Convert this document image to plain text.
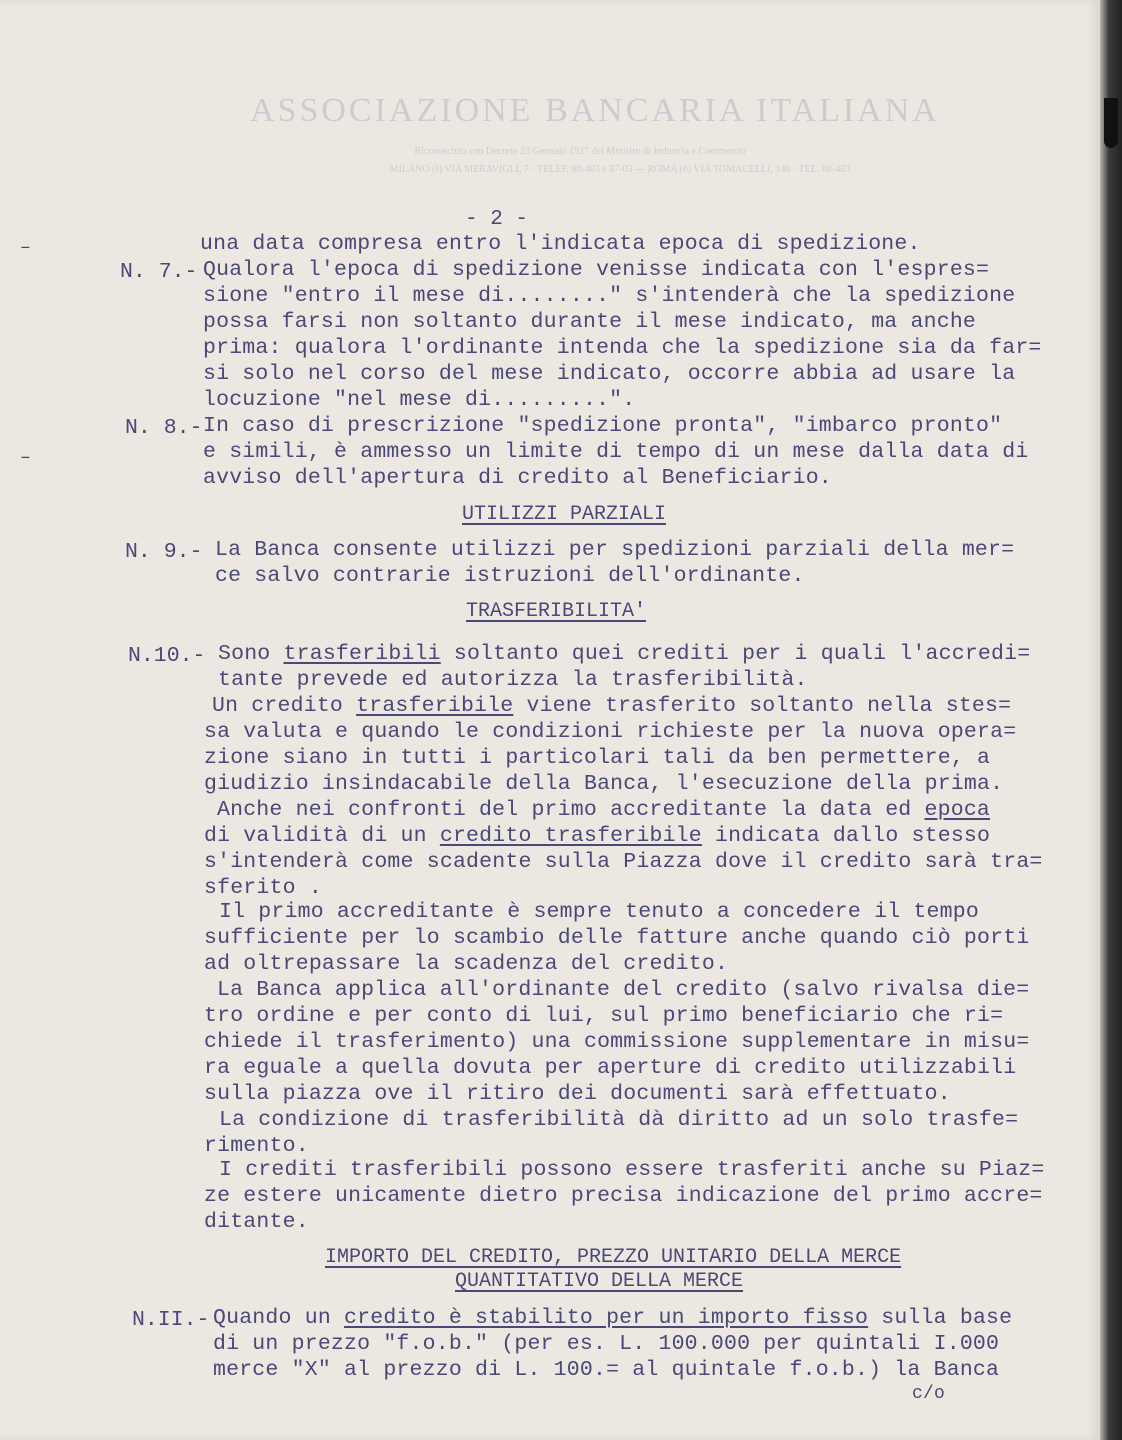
ASSOCIAZIONE BANCARIA ITALIANA
Riconosciuta con Decreto 23 Gennaio 1927 del Ministro di Industria e Commercio
MILANO (I) VIA MERAVIGLI, 7 - TELEF. 80-483 e 87-03 — ROMA (6) VIA TOMACELLI, 146 - TEL. 68-483
–
–
- 2 -
una data compresa entro l'indicata epoca di spedizione.
N. 7.- Qualora l'epoca di spedizione venisse indicata con l'espres=
sione "entro il mese di........" s'intenderà che la spedizione
possa farsi non soltanto durante il mese indicato, ma anche
prima: qualora l'ordinante intenda che la spedizione sia da far=
si solo nel corso del mese indicato, occorre abbia ad usare la
locuzione "nel mese di.........".
N. 8.- In caso di prescrizione "spedizione pronta", "imbarco pronto"
e simili, è ammesso un limite di tempo di un mese dalla data di
avviso dell'apertura di credito al Beneficiario.
UTILIZZI PARZIALI
N. 9.- La Banca consente utilizzi per spedizioni parziali della mer=
ce salvo contrarie istruzioni dell'ordinante.
TRASFERIBILITA'
N.10.- Sono trasferibili soltanto quei crediti per i quali l'accredi=
tante prevede ed autorizza la trasferibilità.
Un credito trasferibile viene trasferito soltanto nella stes=
sa valuta e quando le condizioni richieste per la nuova opera=
zione siano in tutti i particolari tali da ben permettere, a
giudizio insindacabile della Banca, l'esecuzione della prima.
Anche nei confronti del primo accreditante la data ed epoca
di validità di un credito trasferibile indicata dallo stesso
s'intenderà come scadente sulla Piazza dove il credito sarà tra=
sferito .
Il primo accreditante è sempre tenuto a concedere il tempo
sufficiente per lo scambio delle fatture anche quando ciò porti
ad oltrepassare la scadenza del credito.
La Banca applica all'ordinante del credito (salvo rivalsa die=
tro ordine e per conto di lui, sul primo beneficiario che ri=
chiede il trasferimento) una commissione supplementare in misu=
ra eguale a quella dovuta per aperture di credito utilizzabili
sulla piazza ove il ritiro dei documenti sarà effettuato.
La condizione di trasferibilità dà diritto ad un solo trasfe=
rimento.
I crediti trasferibili possono essere trasferiti anche su Piaz=
ze estere unicamente dietro precisa indicazione del primo accre=
ditante.
IMPORTO DEL CREDITO, PREZZO UNITARIO DELLA MERCE
QUANTITATIVO DELLA MERCE
N.II.- Quando un credito è stabilito per un importo fisso sulla base
di un prezzo "f.o.b." (per es. L. 100.000 per quintali I.000
merce "X" al prezzo di L. 100.= al quintale f.o.b.) la Banca
c/o
